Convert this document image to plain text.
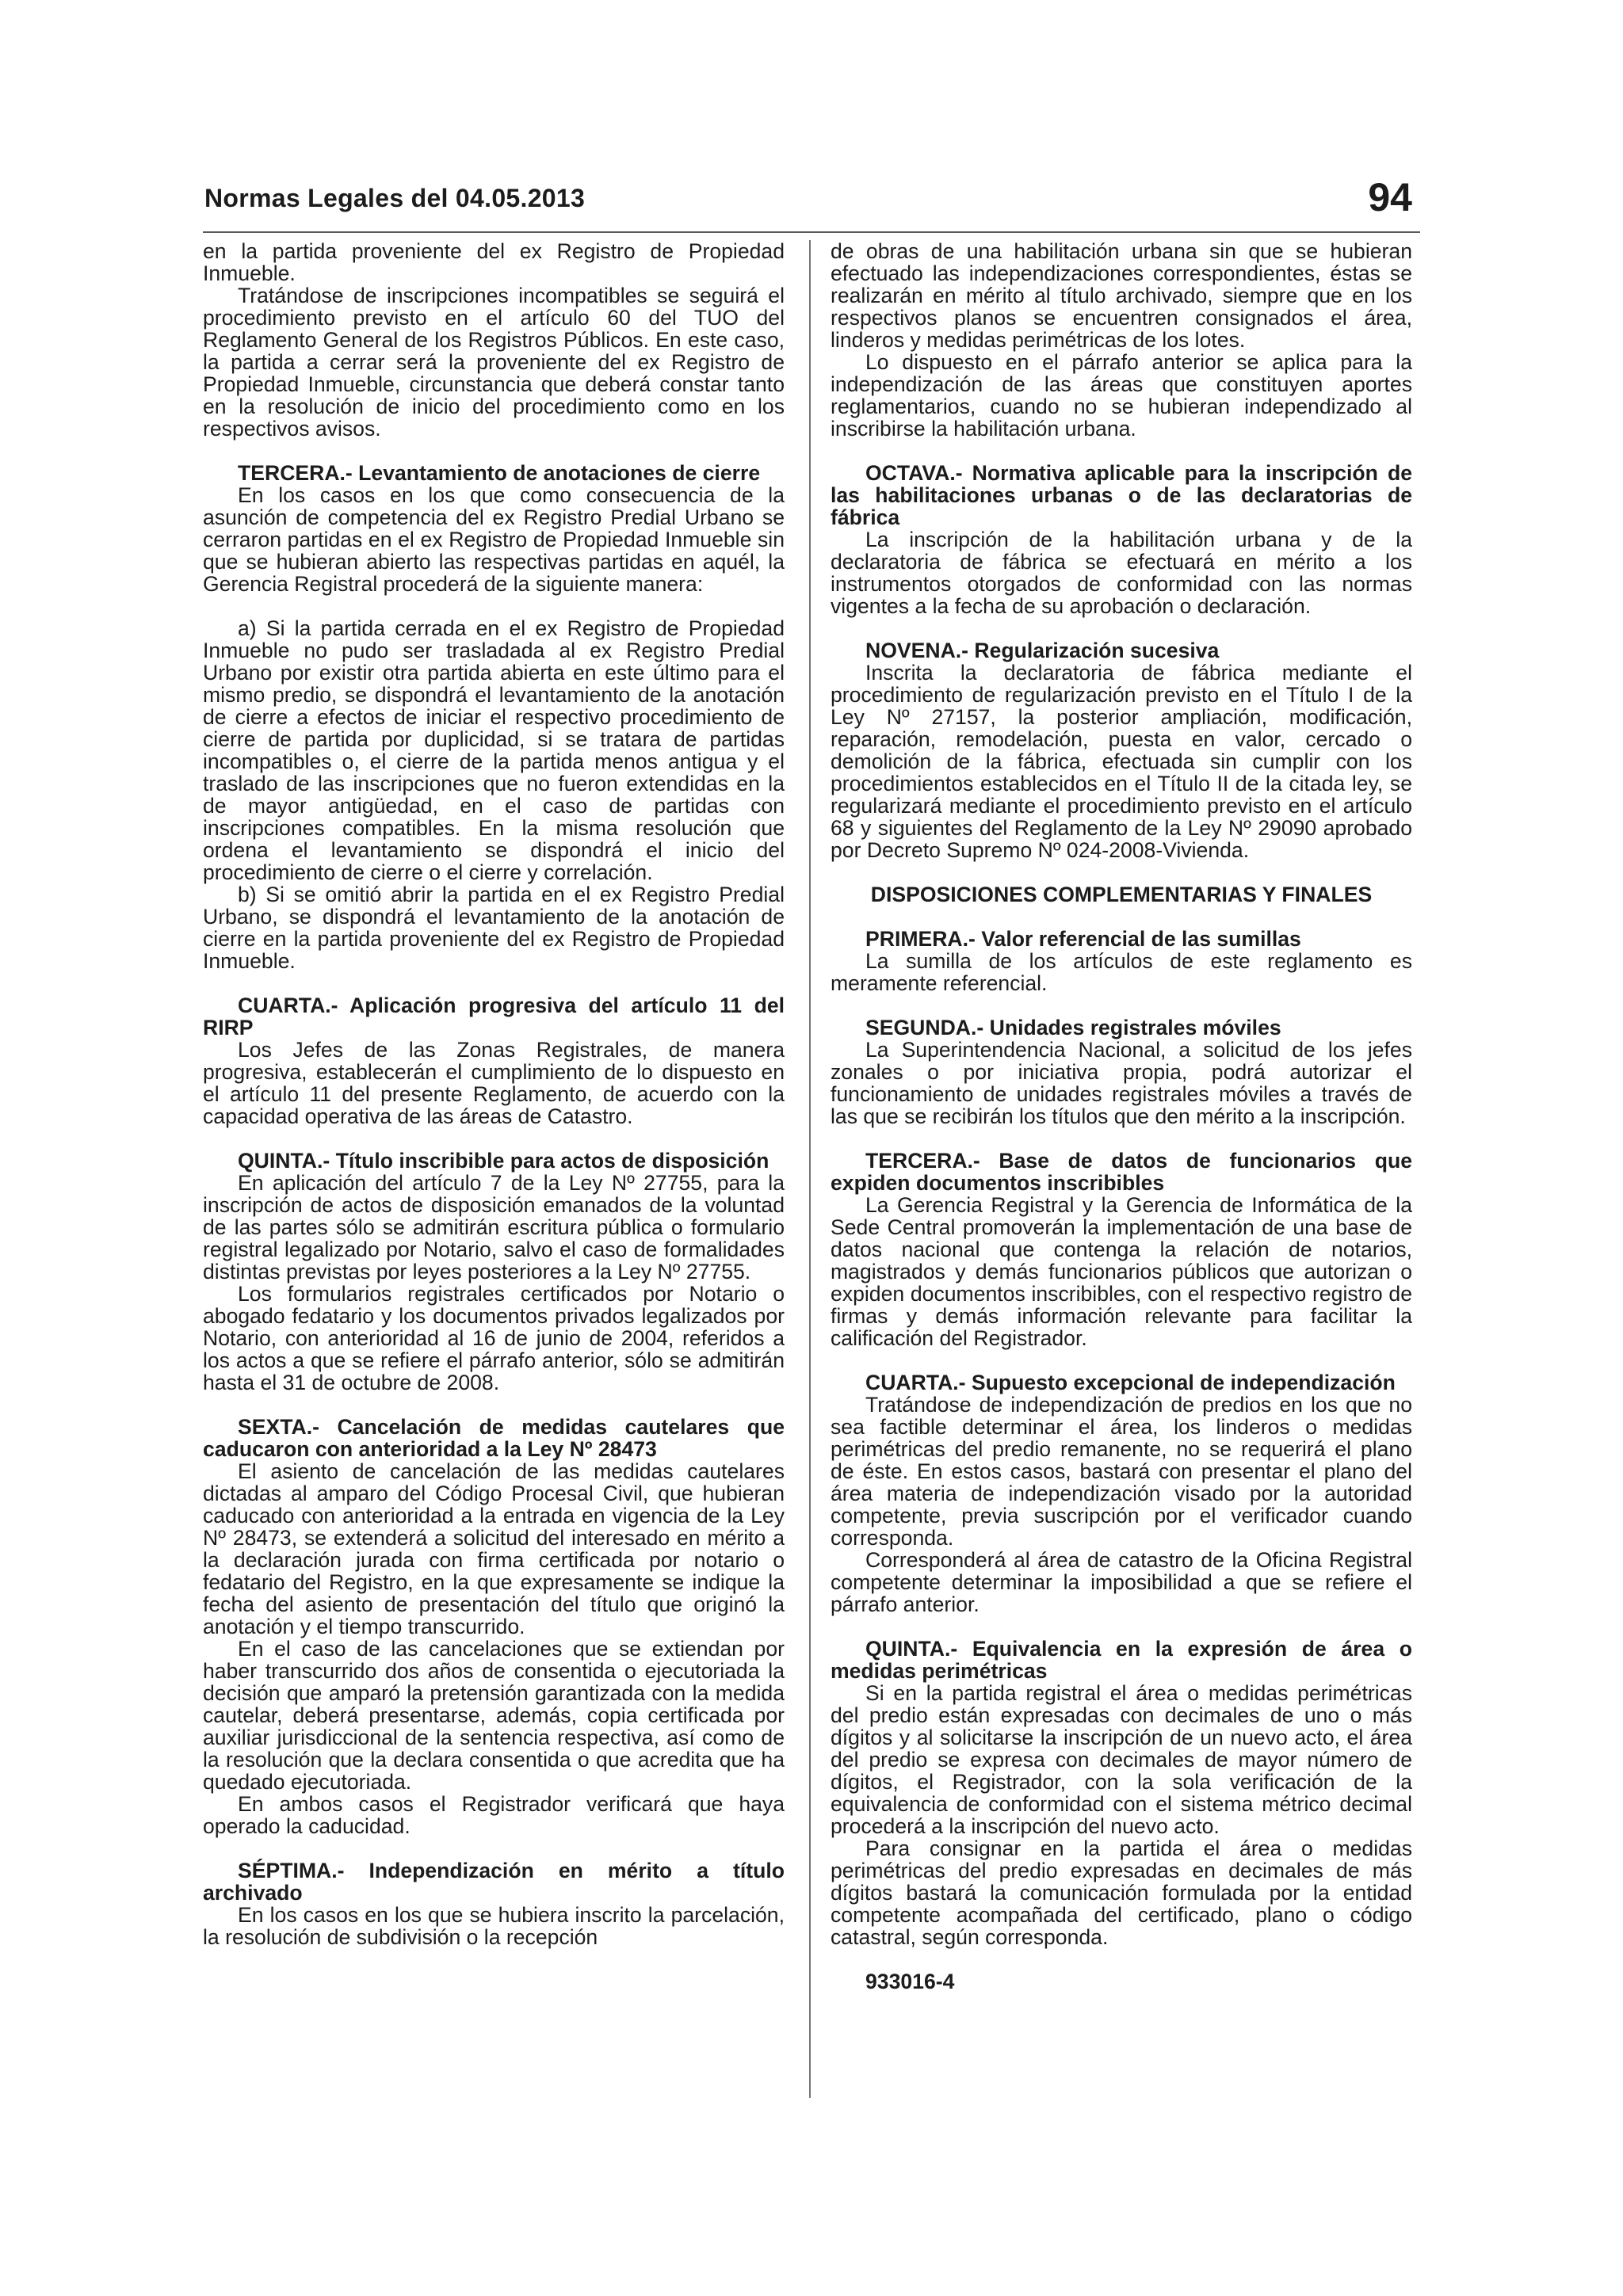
Normas Legales del 04.05.2013	94

en la partida proveniente del ex Registro de Propiedad Inmueble.

Tratándose de inscripciones incompatibles se seguirá el procedimiento previsto en el artículo 60 del TUO del Reglamento General de los Registros Públicos. En este caso, la partida a cerrar será la proveniente del ex Registro de Propiedad Inmueble, circunstancia que deberá constar tanto en la resolución de inicio del procedimiento como en los respectivos avisos.

TERCERA.- Levantamiento de anotaciones de cierre

En los casos en los que como consecuencia de la asunción de competencia del ex Registro Predial Urbano se cerraron partidas en el ex Registro de Propiedad Inmueble sin que se hubieran abierto las respectivas partidas en aquél, la Gerencia Registral procederá de la siguiente manera:

a) Si la partida cerrada en el ex Registro de Propiedad Inmueble no pudo ser trasladada al ex Registro Predial Urbano por existir otra partida abierta en este último para el mismo predio, se dispondrá el levantamiento de la anotación de cierre a efectos de iniciar el respectivo procedimiento de cierre de partida por duplicidad, si se tratara de partidas incompatibles o, el cierre de la partida menos antigua y el traslado de las inscripciones que no fueron extendidas en la de mayor antigüedad, en el caso de partidas con inscripciones compatibles. En la misma resolución que ordena el levantamiento se dispondrá el inicio del procedimiento de cierre o el cierre y correlación.

b) Si se omitió abrir la partida en el ex Registro Predial Urbano, se dispondrá el levantamiento de la anotación de cierre en la partida proveniente del ex Registro de Propiedad Inmueble.

CUARTA.- Aplicación progresiva del artículo 11 del RIRP

Los Jefes de las Zonas Registrales, de manera progresiva, establecerán el cumplimiento de lo dispuesto en el artículo 11 del presente Reglamento, de acuerdo con la capacidad operativa de las áreas de Catastro.

QUINTA.- Título inscribible para actos de disposición

En aplicación del artículo 7 de la Ley Nº 27755, para la inscripción de actos de disposición emanados de la voluntad de las partes sólo se admitirán escritura pública o formulario registral legalizado por Notario, salvo el caso de formalidades distintas previstas por leyes posteriores a la Ley Nº 27755.

Los formularios registrales certificados por Notario o abogado fedatario y los documentos privados legalizados por Notario, con anterioridad al 16 de junio de 2004, referidos a los actos a que se refiere el párrafo anterior, sólo se admitirán hasta el 31 de octubre de 2008.

SEXTA.- Cancelación de medidas cautelares que caducaron con anterioridad a la Ley Nº 28473

El asiento de cancelación de las medidas cautelares dictadas al amparo del Código Procesal Civil, que hubieran caducado con anterioridad a la entrada en vigencia de la Ley Nº 28473, se extenderá a solicitud del interesado en mérito a la declaración jurada con firma certificada por notario o fedatario del Registro, en la que expresamente se indique la fecha del asiento de presentación del título que originó la anotación y el tiempo transcurrido.

En el caso de las cancelaciones que se extiendan por haber transcurrido dos años de consentida o ejecutoriada la decisión que amparó la pretensión garantizada con la medida cautelar, deberá presentarse, además, copia certificada por auxiliar jurisdiccional de la sentencia respectiva, así como de la resolución que la declara consentida o que acredita que ha quedado ejecutoriada.

En ambos casos el Registrador verificará que haya operado la caducidad.

SÉPTIMA.- Independización en mérito a título archivado

En los casos en los que se hubiera inscrito la parcelación, la resolución de subdivisión o la recepción

de obras de una habilitación urbana sin que se hubieran efectuado las independizaciones correspondientes, éstas se realizarán en mérito al título archivado, siempre que en los respectivos planos se encuentren consignados el área, linderos y medidas perimétricas de los lotes.

Lo dispuesto en el párrafo anterior se aplica para la independización de las áreas que constituyen aportes reglamentarios, cuando no se hubieran independizado al inscribirse la habilitación urbana.

OCTAVA.- Normativa aplicable para la inscripción de las habilitaciones urbanas o de las declaratorias de fábrica

La inscripción de la habilitación urbana y de la declaratoria de fábrica se efectuará en mérito a los instrumentos otorgados de conformidad con las normas vigentes a la fecha de su aprobación o declaración.

NOVENA.- Regularización sucesiva

Inscrita la declaratoria de fábrica mediante el procedimiento de regularización previsto en el Título I de la Ley Nº 27157, la posterior ampliación, modificación, reparación, remodelación, puesta en valor, cercado o demolición de la fábrica, efectuada sin cumplir con los procedimientos establecidos en el Título II de la citada ley, se regularizará mediante el procedimiento previsto en el artículo 68 y siguientes del Reglamento de la Ley Nº 29090 aprobado por Decreto Supremo Nº 024-2008-Vivienda.

DISPOSICIONES COMPLEMENTARIAS Y FINALES

PRIMERA.- Valor referencial de las sumillas

La sumilla de los artículos de este reglamento es meramente referencial.

SEGUNDA.- Unidades registrales móviles

La Superintendencia Nacional, a solicitud de los jefes zonales o por iniciativa propia, podrá autorizar el funcionamiento de unidades registrales móviles a través de las que se recibirán los títulos que den mérito a la inscripción.

TERCERA.- Base de datos de funcionarios que expiden documentos inscribibles

La Gerencia Registral y la Gerencia de Informática de la Sede Central promoverán la implementación de una base de datos nacional que contenga la relación de notarios, magistrados y demás funcionarios públicos que autorizan o expiden documentos inscribibles, con el respectivo registro de firmas y demás información relevante para facilitar la calificación del Registrador.

CUARTA.- Supuesto excepcional de independización

Tratándose de independización de predios en los que no sea factible determinar el área, los linderos o medidas perimétricas del predio remanente, no se requerirá el plano de éste. En estos casos, bastará con presentar el plano del área materia de independización visado por la autoridad competente, previa suscripción por el verificador cuando corresponda.

Corresponderá al área de catastro de la Oficina Registral competente determinar la imposibilidad a que se refiere el párrafo anterior.

QUINTA.- Equivalencia en la expresión de área o medidas perimétricas

Si en la partida registral el área o medidas perimétricas del predio están expresadas con decimales de uno o más dígitos y al solicitarse la inscripción de un nuevo acto, el área del predio se expresa con decimales de mayor número de dígitos, el Registrador, con la sola verificación de la equivalencia de conformidad con el sistema métrico decimal procederá a la inscripción del nuevo acto.

Para consignar en la partida el área o medidas perimétricas del predio expresadas en decimales de más dígitos bastará la comunicación formulada por la entidad competente acompañada del certificado, plano o código catastral, según corresponda.

933016-4
